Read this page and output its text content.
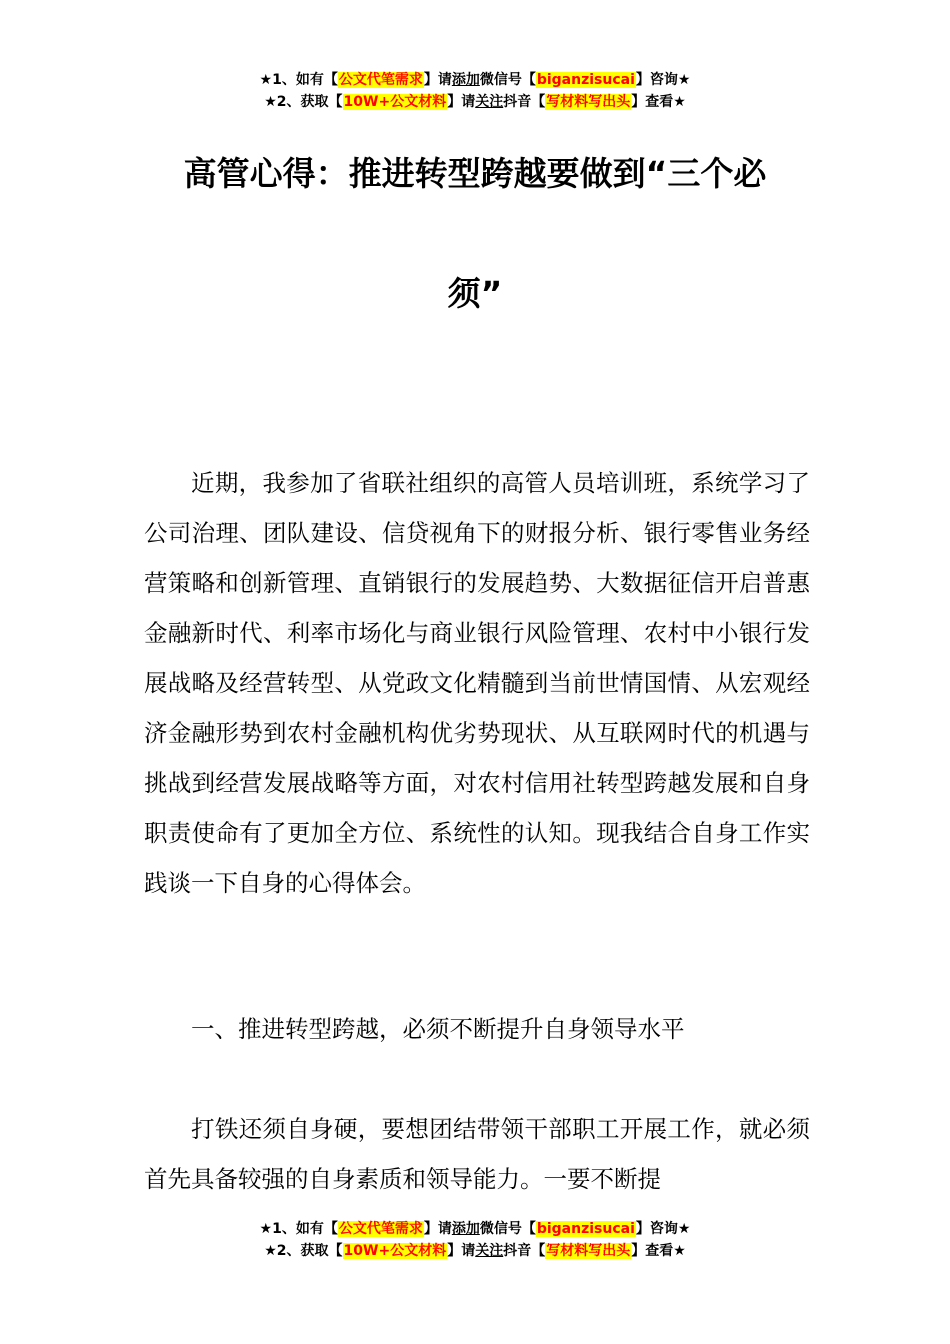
★1、如有【公文代笔需求】请添加微信号【biganzisucai】咨询★
★2、获取【10W+公文材料】请关注抖音【写材料写出头】查看★
高管心得：推进转型跨越要做到“三个必
须”

近期，我参加了省联社组织的高管人员培训班，系统学习了公司治理、团队建设、信贷视角下的财报分析、银行零售业务经营策略和创新管理、直销银行的发展趋势、大数据征信开启普惠金融新时代、利率市场化与商业银行风险管理、农村中小银行发展战略及经营转型、从党政文化精髓到当前世情国情、从宏观经济金融形势到农村金融机构优劣势现状、从互联网时代的机遇与挑战到经营发展战略等方面，对农村信用社转型跨越发展和自身职责使命有了更加全方位、系统性的认知。现我结合自身工作实践谈一下自身的心得体会。

一、推进转型跨越，必须不断提升自身领导水平

打铁还须自身硬，要想团结带领干部职工开展工作，就必须首先具备较强的自身素质和领导能力。一要不断提

★1、如有【公文代笔需求】请添加微信号【biganzisucai】咨询★
★2、获取【10W+公文材料】请关注抖音【写材料写出头】查看★
